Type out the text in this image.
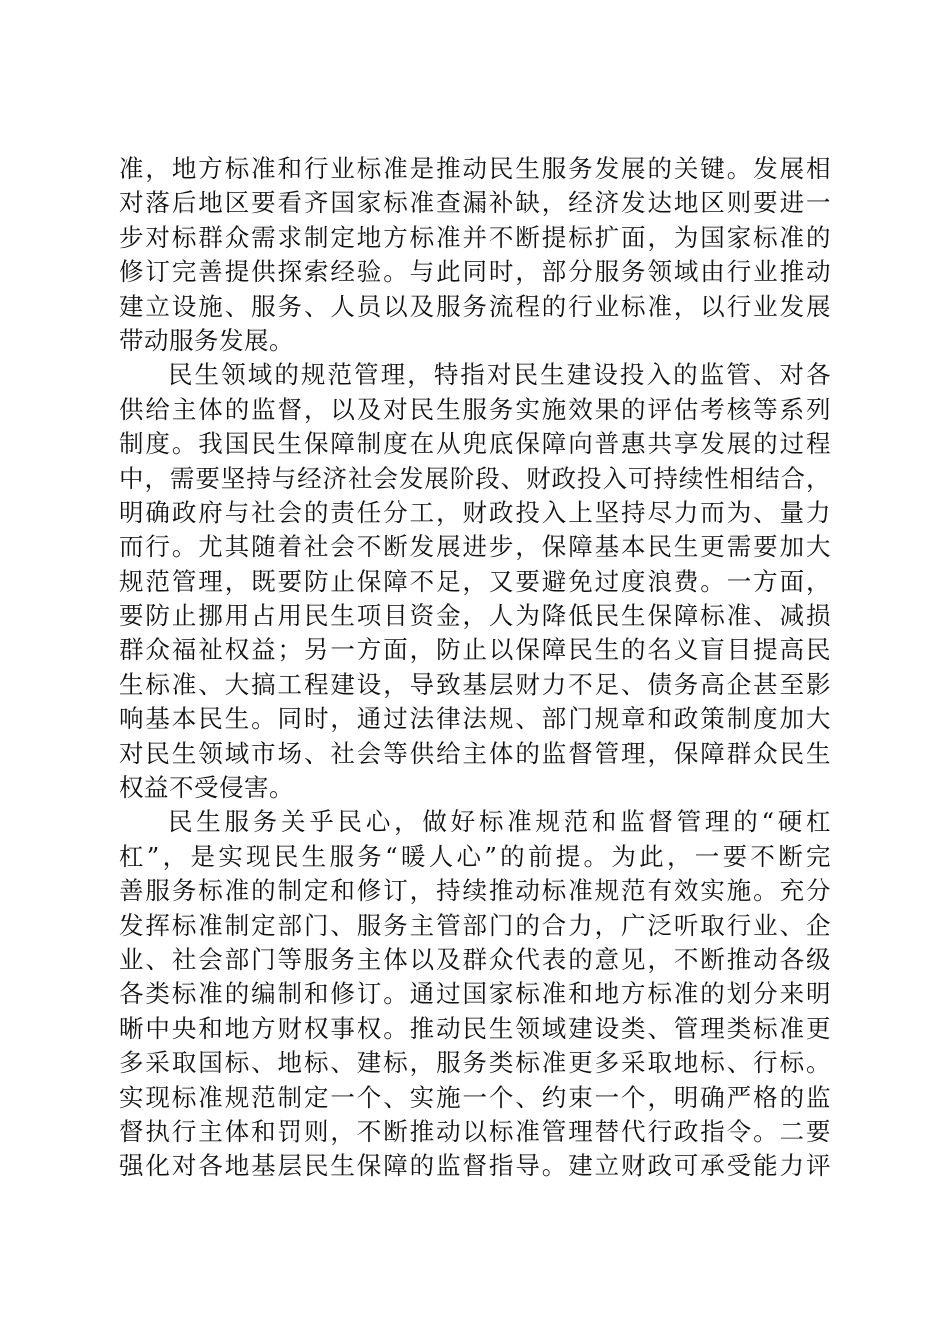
准，地方标准和行业标准是推动民生服务发展的关键。发展相
对落后地区要看齐国家标准查漏补缺，经济发达地区则要进一
步对标群众需求制定地方标准并不断提标扩面，为国家标准的
修订完善提供探索经验。与此同时，部分服务领域由行业推动
建立设施、服务、人员以及服务流程的行业标准，以行业发展
带动服务发展。
民生领域的规范管理，特指对民生建设投入的监管、对各
供给主体的监督，以及对民生服务实施效果的评估考核等系列
制度。我国民生保障制度在从兜底保障向普惠共享发展的过程
中，需要坚持与经济社会发展阶段、财政投入可持续性相结合，
明确政府与社会的责任分工，财政投入上坚持尽力而为、量力
而行。尤其随着社会不断发展进步，保障基本民生更需要加大
规范管理，既要防止保障不足，又要避免过度浪费。一方面，
要防止挪用占用民生项目资金，人为降低民生保障标准、减损
群众福祉权益；另一方面，防止以保障民生的名义盲目提高民
生标准、大搞工程建设，导致基层财力不足、债务高企甚至影
响基本民生。同时，通过法律法规、部门规章和政策制度加大
对民生领域市场、社会等供给主体的监督管理，保障群众民生
权益不受侵害。
民生服务关乎民心，做好标准规范和监督管理的“硬杠
杠”，是实现民生服务“暖人心”的前提。为此，一要不断完
善服务标准的制定和修订，持续推动标准规范有效实施。充分
发挥标准制定部门、服务主管部门的合力，广泛听取行业、企
业、社会部门等服务主体以及群众代表的意见，不断推动各级
各类标准的编制和修订。通过国家标准和地方标准的划分来明
晰中央和地方财权事权。推动民生领域建设类、管理类标准更
多采取国标、地标、建标，服务类标准更多采取地标、行标。
实现标准规范制定一个、实施一个、约束一个，明确严格的监
督执行主体和罚则，不断推动以标准管理替代行政指令。二要
强化对各地基层民生保障的监督指导。建立财政可承受能力评
